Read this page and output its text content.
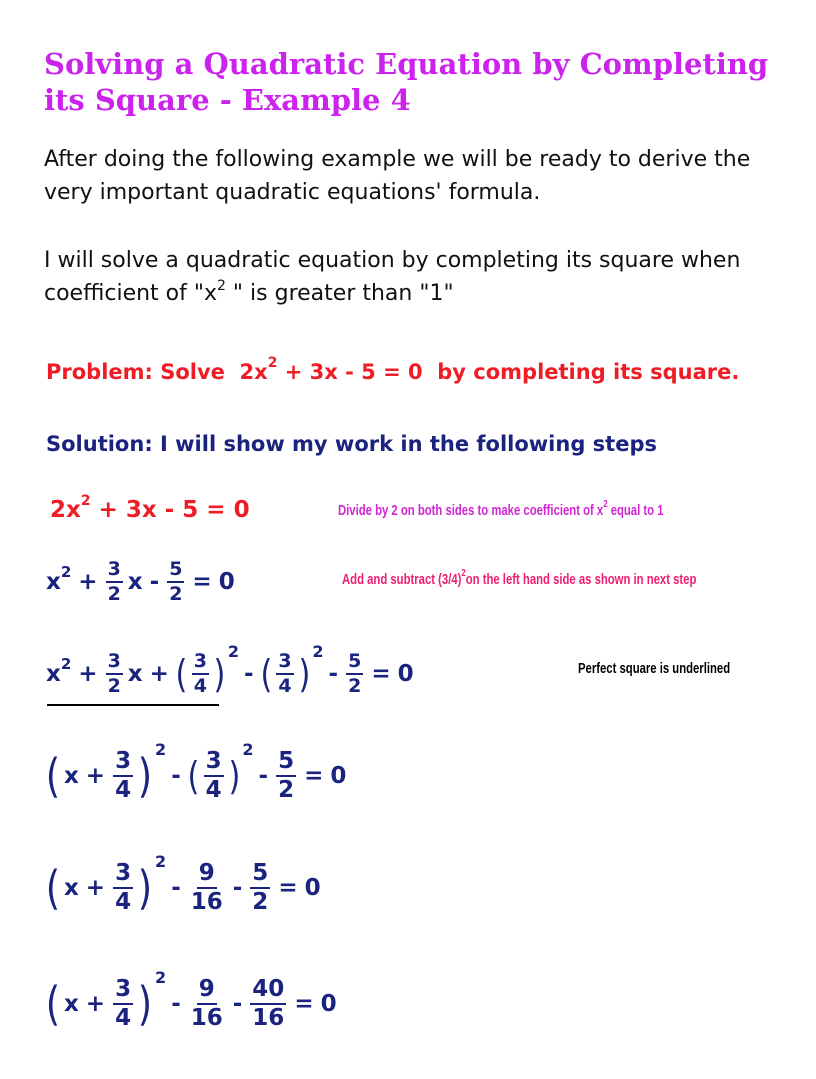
Solving a Quadratic Equation by Completing its Square - Example 4
After doing the following example we will be ready to derive the very important quadratic equations' formula.
I will solve a quadratic equation by completing its square when coefficient of "$x^2$ " is greater than "1"
Problem: Solve $2x^2 + 3x - 5 = 0$ by completing its square.
Solution: I will show my work in the following steps
$2x^2 + 3x - 5 = 0$	Divide by 2 on both sides to make coefficient of $x^2$ equal to 1
$x^2 + \frac{3}{2}$ $x - \frac{5}{2} = 0$	Add and subtract $(3/4)^2on$ the left hand side as shown in next step
$x^2 + \frac{3}{2}$ x + ( $\frac{3}{4}$ )
2
- ( $\frac{3}{4}$ )
2
- $\frac{5}{2} = 0$	Perfect square is underlined
( $x + \frac{3}{4}$ ) 2
- ( $\frac{3}{4}$ )
2
- $\frac{5}{2} = 0$
( $x + \frac{3}{4}$ ) 2
- $\frac{9}{16} - \frac{5}{2} = 0$
( $x + \frac{3}{4}$ ) 2
- $\frac{9}{16} - \frac{40}{16} = 0$
